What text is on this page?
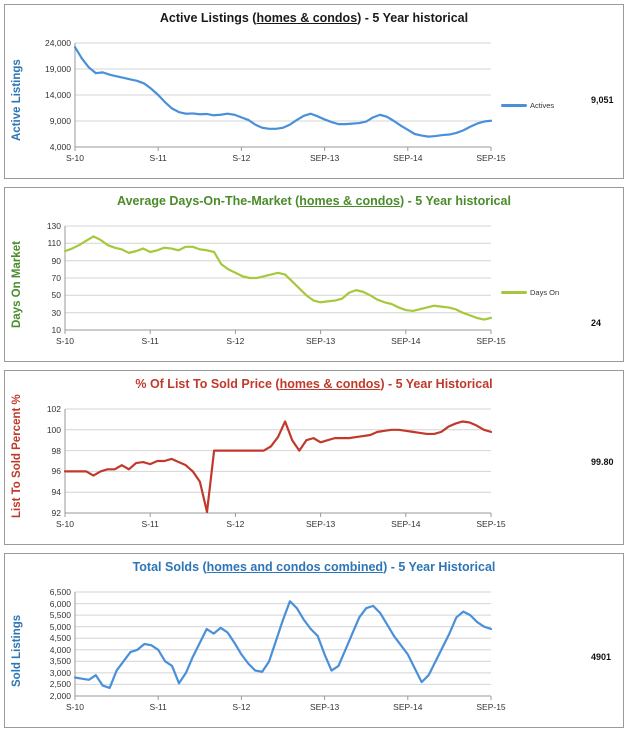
Active Listings (homes & condos) - 5 Year historical
Active Listings
4,000
9,000
14,000
19,000
24,000
S-10	S-11	S-12	SEP-13	SEP-14	SEP-15
Actives
9,051
Average Days-On-The-Market (homes & condos) - 5 Year historical
Days On Market
10
30
50
70
90
110
130
S-10	S-11	S-12	SEP-13	SEP-14	SEP-15
Days On
24
% Of List To Sold Price (homes & condos) - 5 Year Historical
List To Sold Percent %	92
94
96
98
100
102
S-10	S-11	S-12	SEP-13	SEP-14	SEP-15
99.80
Total Solds (homes and condos combined) - 5 Year Historical
Sold Listings
2,000
2,500
3,000
3,500
4,000
4,500
5,000
5,500
6,000
6,500
S-10	S-11	S-12	SEP-13	SEP-14	SEP-15
4901
